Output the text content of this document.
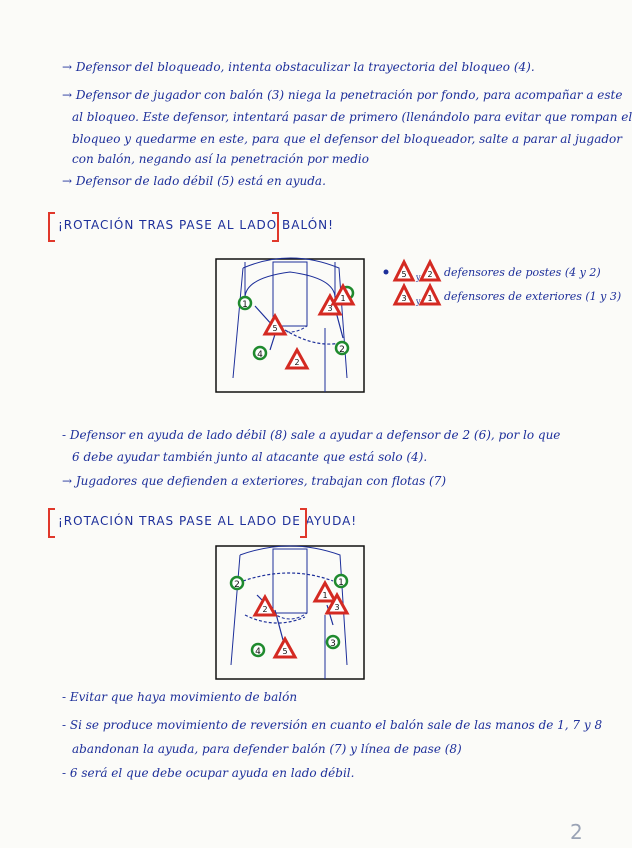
→ Defensor del bloqueado, intenta obstaculizar la trayectoria del bloqueo (4).
→ Defensor de jugador con balón (3) niega la penetración por fondo, para acompañar a este
al bloqueo. Este defensor, intentará pasar de primero (llenándolo para evitar que rompan el
bloqueo y quedarme en este, para que el defensor del bloqueador, salte a parar al jugador
con balón, negando así la penetración por medio
→ Defensor de lado débil (5) está en ayuda.
¡ROTACIÓN TRAS PASE AL LADO BALÓN!
1
4	2
5
2
3
1
5 y 2
3 y 1
defensores de postes (4 y 2)
defensores de exteriores (1 y 3)
- Defensor en ayuda de lado débil (8) sale a ayudar a defensor de 2 (6), por lo que
6 debe ayudar también junto al atacante que está solo (4).
→ Jugadores que defienden a exteriores, trabajan con flotas (7)
¡ROTACIÓN TRAS PASE AL LADO DE AYUDA!
2	1
4
3
2
1
3
5
- Evitar que haya movimiento de balón
- Si se produce movimiento de reversión en cuanto el balón sale de las manos de 1, 7 y 8
abandonan la ayuda, para defender balón (7) y línea de pase (8)
- 6 será el que debe ocupar ayuda en lado débil.
2
